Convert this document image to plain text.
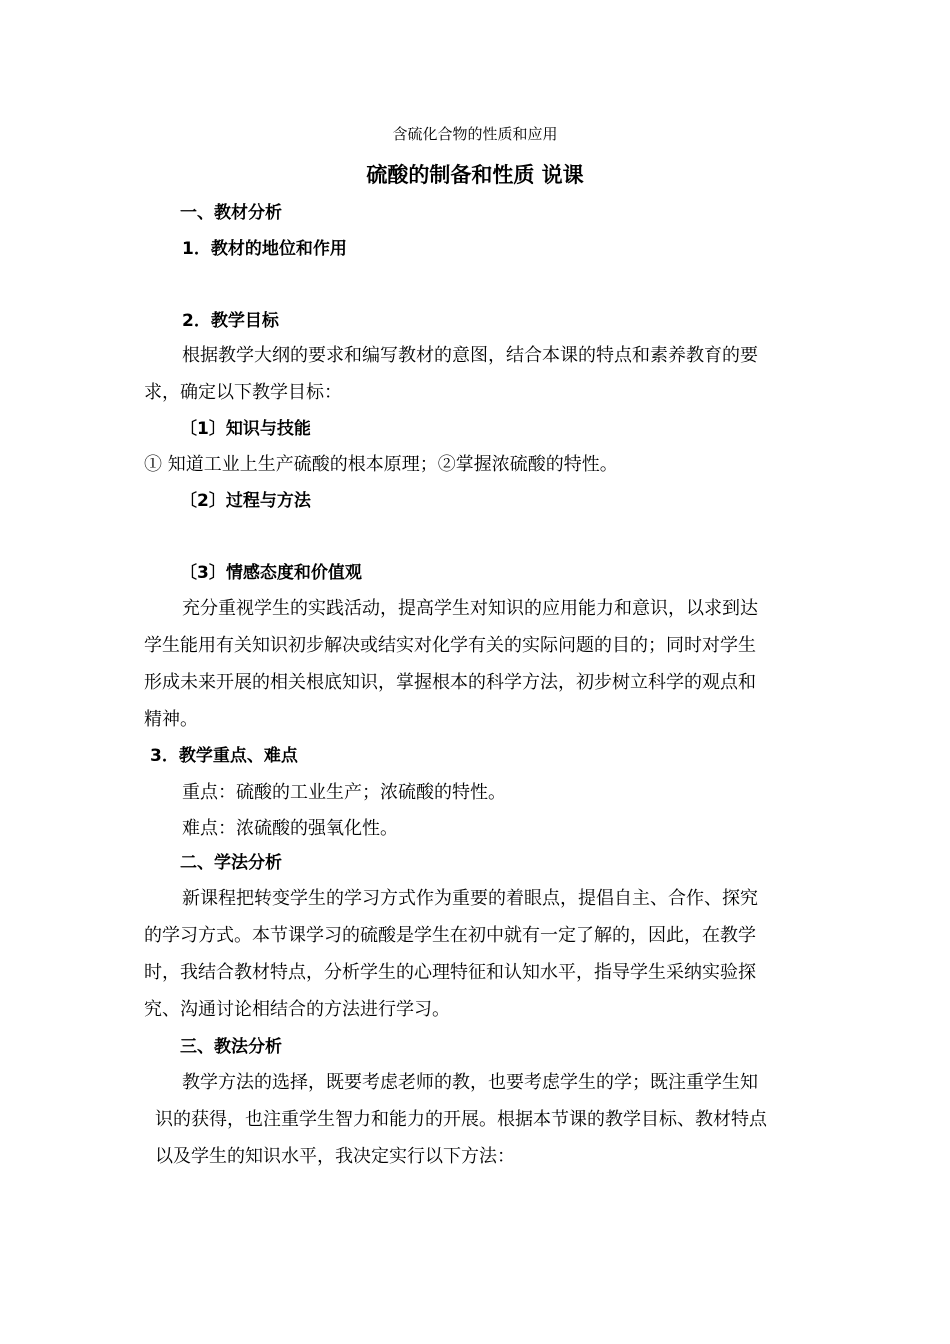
含硫化合物的性质和应用
硫酸的制备和性质 说课
一、教材分析
1．教材的地位和作用
2．教学目标
根据教学大纲的要求和编写教材的意图，结合本课的特点和素养教育的要
求，确定以下教学目标：
〔1〕知识与技能
① 知道工业上生产硫酸的根本原理；②掌握浓硫酸的特性。
〔2〕过程与方法
〔3〕情感态度和价值观
充分重视学生的实践活动，提高学生对知识的应用能力和意识，以求到达
学生能用有关知识初步解决或结实对化学有关的实际问题的目的；同时对学生
形成未来开展的相关根底知识，掌握根本的科学方法，初步树立科学的观点和
精神。
3．教学重点、难点
重点：硫酸的工业生产；浓硫酸的特性。
难点：浓硫酸的强氧化性。
二、学法分析
新课程把转变学生的学习方式作为重要的着眼点，提倡自主、合作、探究
的学习方式。本节课学习的硫酸是学生在初中就有一定了解的，因此，在教学
时，我结合教材特点，分析学生的心理特征和认知水平，指导学生采纳实验探
究、沟通讨论相结合的方法进行学习。
三、教法分析
教学方法的选择，既要考虑老师的教，也要考虑学生的学；既注重学生知
识的获得，也注重学生智力和能力的开展。根据本节课的教学目标、教材特点
以及学生的知识水平，我决定实行以下方法：
